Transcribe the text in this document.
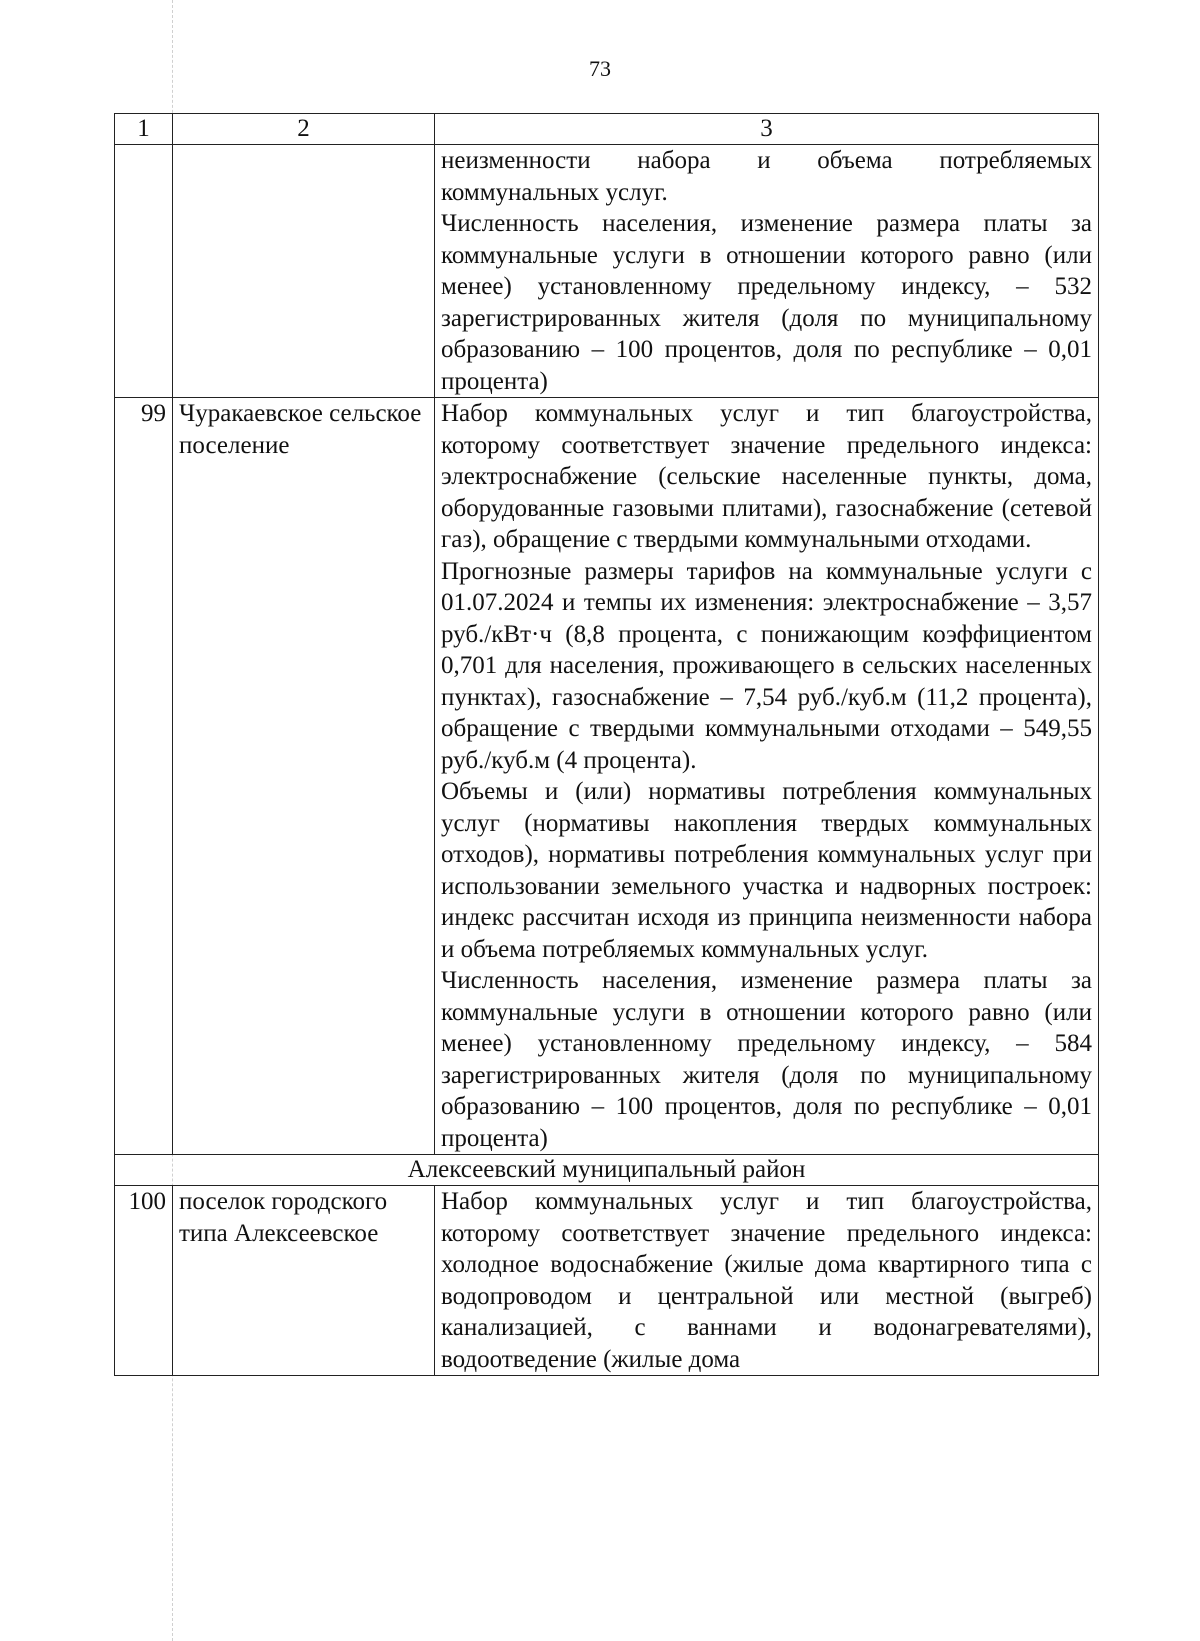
73
1	2	3

		неизменности набора и объема потребляемых коммунальных услуг.

Численность населения, изменение размера платы за коммунальные услуги в отношении которого равно (или менее) установленному предельному индексу, – 532 зарегистрированных жителя (доля по муниципальному образованию – 100 процентов, доля по республике – 0,01 процента)

99	Чуракаевское сельское поселение	Набор коммунальных услуг и тип благоустройства, которому соответствует значение предельного индекса: электроснабжение (сельские населенные пункты, дома, оборудованные газовыми плитами), газоснабжение (сетевой газ), обращение с твердыми коммунальными отходами.

Прогнозные размеры тарифов на коммунальные услуги с 01.07.2024 и темпы их изменения: электроснабжение – 3,57 руб./кВт·ч (8,8 процента, с понижающим коэффициентом 0,701 для населения, проживающего в сельских населенных пунктах), газоснабжение – 7,54 руб./куб.м (11,2 процента), обращение с твердыми коммунальными отходами – 549,55 руб./куб.м (4 процента).

Объемы и (или) нормативы потребления коммунальных услуг (нормативы накопления твердых коммунальных отходов), нормативы потребления коммунальных услуг при использовании земельного участка и надворных построек: индекс рассчитан исходя из принципа неизменности набора и объема потребляемых коммунальных услуг.

Численность населения, изменение размера платы за коммунальные услуги в отношении которого равно (или менее) установленному предельному индексу, – 584 зарегистрированных жителя (доля по муниципальному образованию – 100 процентов, доля по республике – 0,01 процента)

Алексеевский муниципальный район		
100	поселок городского типа Алексеевское	Набор коммунальных услуг и тип благоустройства, которому соответствует значение предельного индекса: холодное водоснабжение (жилые дома квартирного типа с водопроводом и центральной или местной (выгреб) канализацией, с ваннами и водонагревателями), водоотведение (жилые дома
